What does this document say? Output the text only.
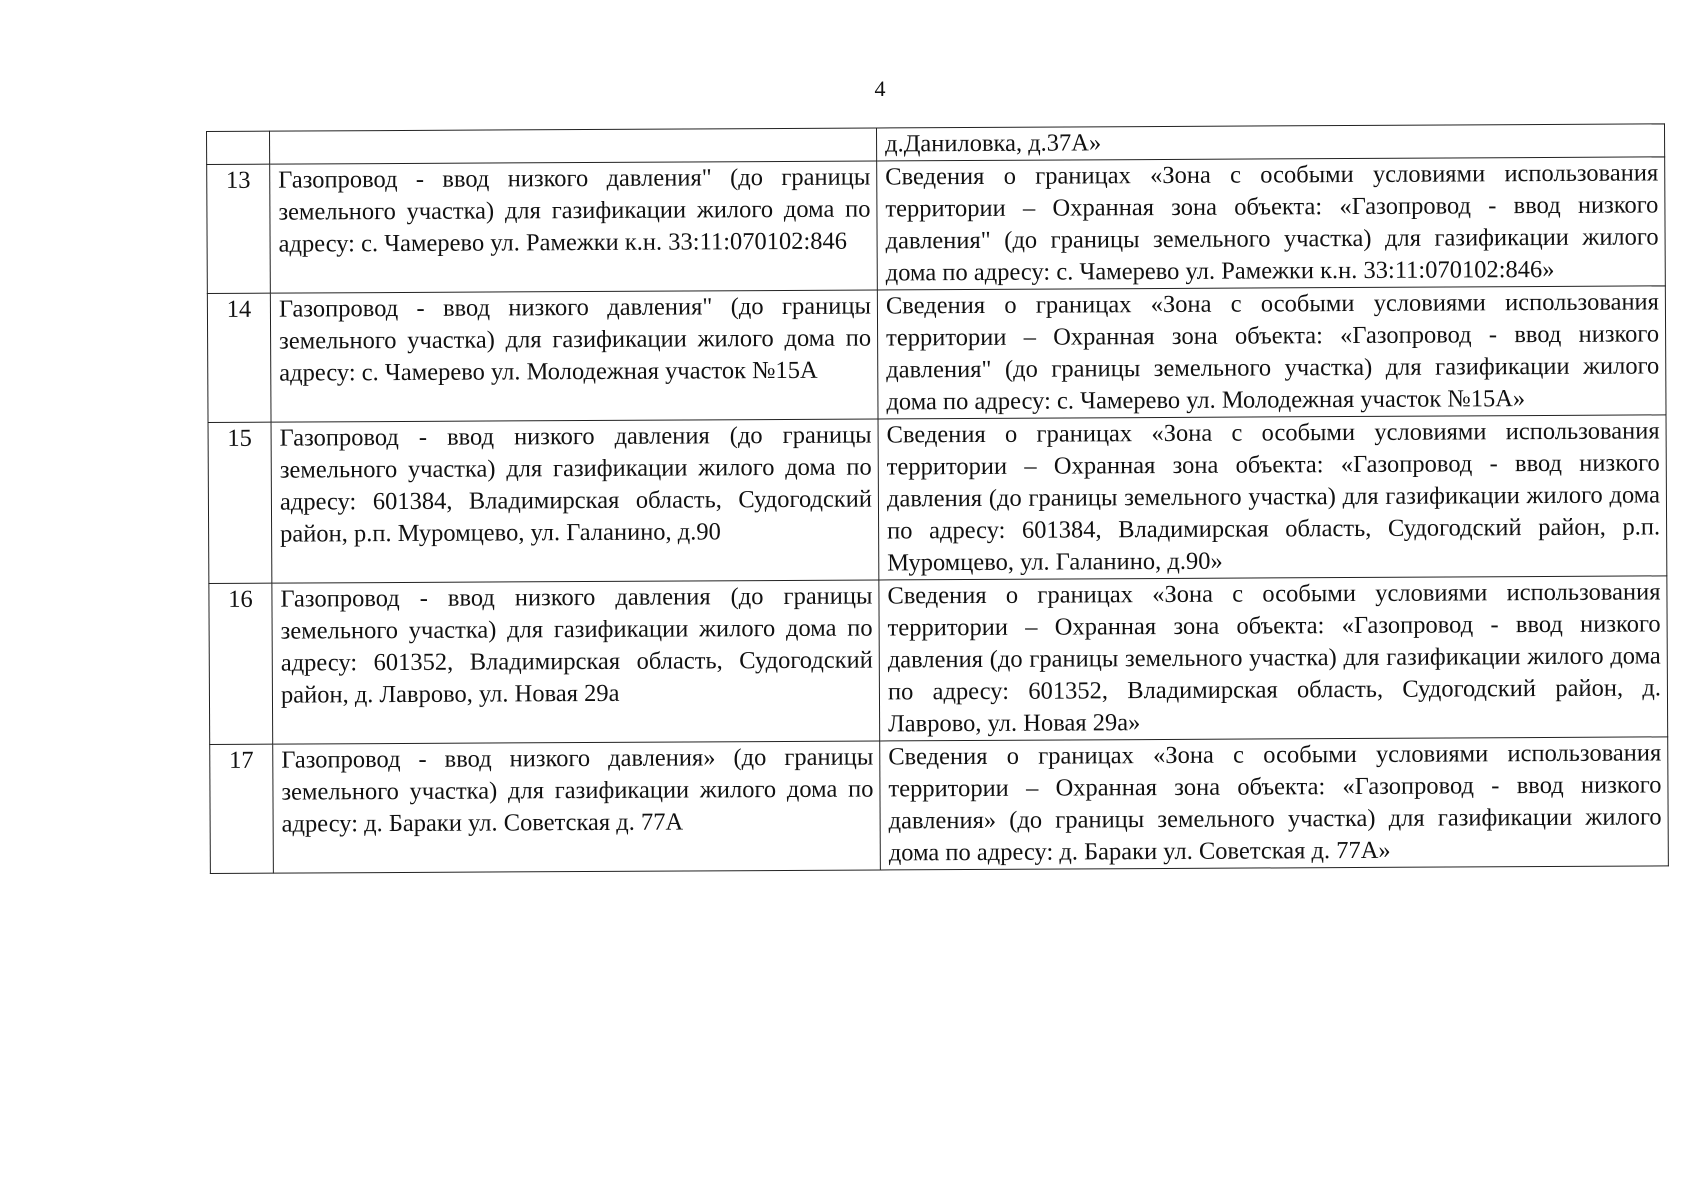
4
		д.Даниловка, д.37А»
13	Газопровод - ввод низкого давления" (до границы земельного участка) для газификации жилого дома по адресу: с. Чамерево ул. Рамежки к.н. 33:11:070102:846	Сведения о границах «Зона с особыми условиями использования территории – Охранная зона объекта: «Газопровод - ввод низкого давления" (до границы земельного участка) для газификации жилого дома по адресу: с. Чамерево ул. Рамежки к.н. 33:11:070102:846»
14	Газопровод - ввод низкого давления" (до границы земельного участка) для газификации жилого дома по адресу: с. Чамерево ул. Молодежная участок №15А	Сведения о границах «Зона с особыми условиями использования территории – Охранная зона объекта: «Газопровод - ввод низкого давления" (до границы земельного участка) для газификации жилого дома по адресу: с. Чамерево ул. Молодежная участок №15А»
15	Газопровод - ввод низкого давления (до границы земельного участка) для газификации жилого дома по адресу: 601384, Владимирская область, Судогодский район, р.п. Муромцево, ул. Галанино, д.90	Сведения о границах «Зона с особыми условиями использования территории – Охранная зона объекта: «Газопровод - ввод низкого давления (до границы земельного участка) для газификации жилого дома по адресу: 601384, Владимирская область, Судогодский район, р.п. Муромцево, ул. Галанино, д.90»
16	Газопровод - ввод низкого давления (до границы земельного участка) для газификации жилого дома по адресу: 601352, Владимирская область, Судогодский район, д. Лаврово, ул. Новая 29а	Сведения о границах «Зона с особыми условиями использования территории – Охранная зона объекта: «Газопровод - ввод низкого давления (до границы земельного участка) для газификации жилого дома по адресу: 601352, Владимирская область, Судогодский район, д. Лаврово, ул. Новая 29а»
17	Газопровод - ввод низкого давления» (до границы земельного участка) для газификации жилого дома по адресу: д. Бараки ул. Советская д. 77А	Сведения о границах «Зона с особыми условиями использования территории – Охранная зона объекта: «Газопровод - ввод низкого давления» (до границы земельного участка) для газификации жилого дома по адресу: д. Бараки ул. Советская д. 77А»
